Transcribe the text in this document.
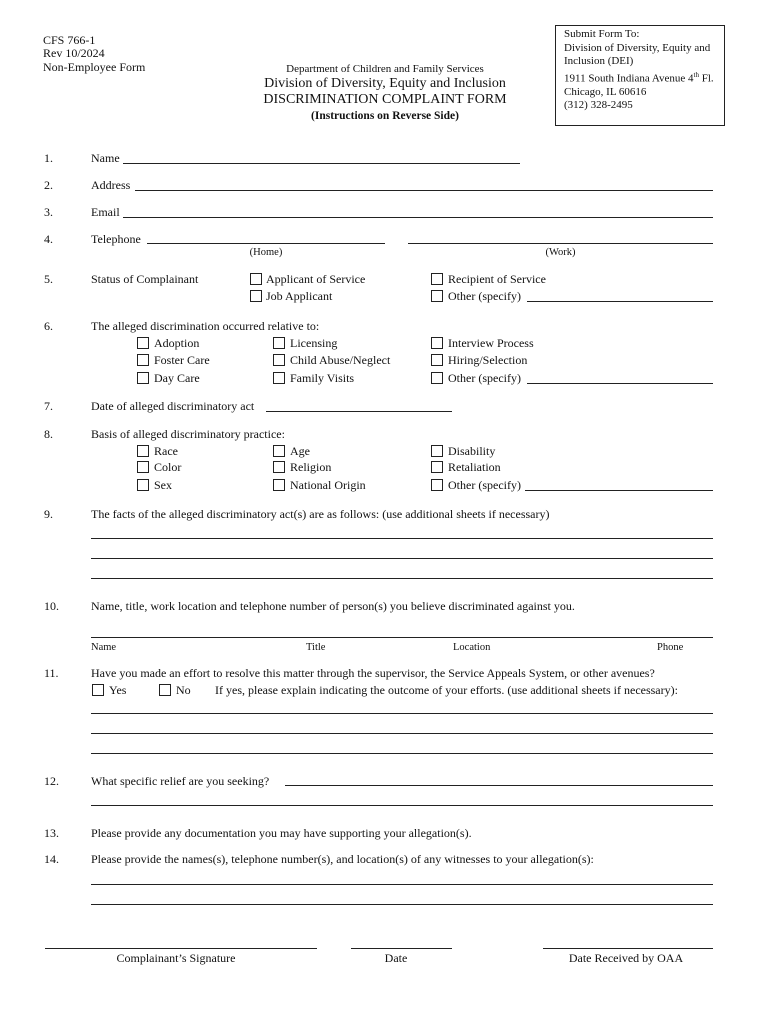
CFS 766-1
Rev 10/2024
Non-Employee Form	Department of Children and Family Services
Division of Diversity, Equity and Inclusion
DISCRIMINATION COMPLAINT FORM
(Instructions on Reverse Side)
Submit Form To:
Division of Diversity, Equity and
Inclusion (DEI)
1911 South Indiana Avenue 4th Fl.
Chicago, IL 60616
(312) 328-2495
1.	Name
2.	Address
3.	Email
4.	Telephone
(Home)	(Work)
5.	Status of Complainant	Applicant of Service
Job Applicant
Recipient of Service
Other (specify)
6.	The alleged discrimination occurred relative to:
Adoption
Foster Care
Day Care
Licensing
Child Abuse/Neglect
Family Visits
Interview Process
Hiring/Selection
Other (specify)
7.	Date of alleged discriminatory act
8.	Basis of alleged discriminatory practice:
Race
Color
Sex
Age
Religion
National Origin
Disability
Retaliation
Other (specify)
9.	The facts of the alleged discriminatory act(s) are as follows: (use additional sheets if necessary)
10.	Name, title, work location and telephone number of person(s) you believe discriminated against you.
Name	Title	Location	Phone
11.	Have you made an effort to resolve this matter through the supervisor, the Service Appeals System, or other avenues?
Yes	No If yes, please explain indicating the outcome of your efforts. (use additional sheets if necessary):
12.	What specific relief are you seeking?
13.	Please provide any documentation you may have supporting your allegation(s).
14.	Please provide the names(s), telephone number(s), and location(s) of any witnesses to your allegation(s):
Complainant’s Signature	Date	Date Received by OAA
